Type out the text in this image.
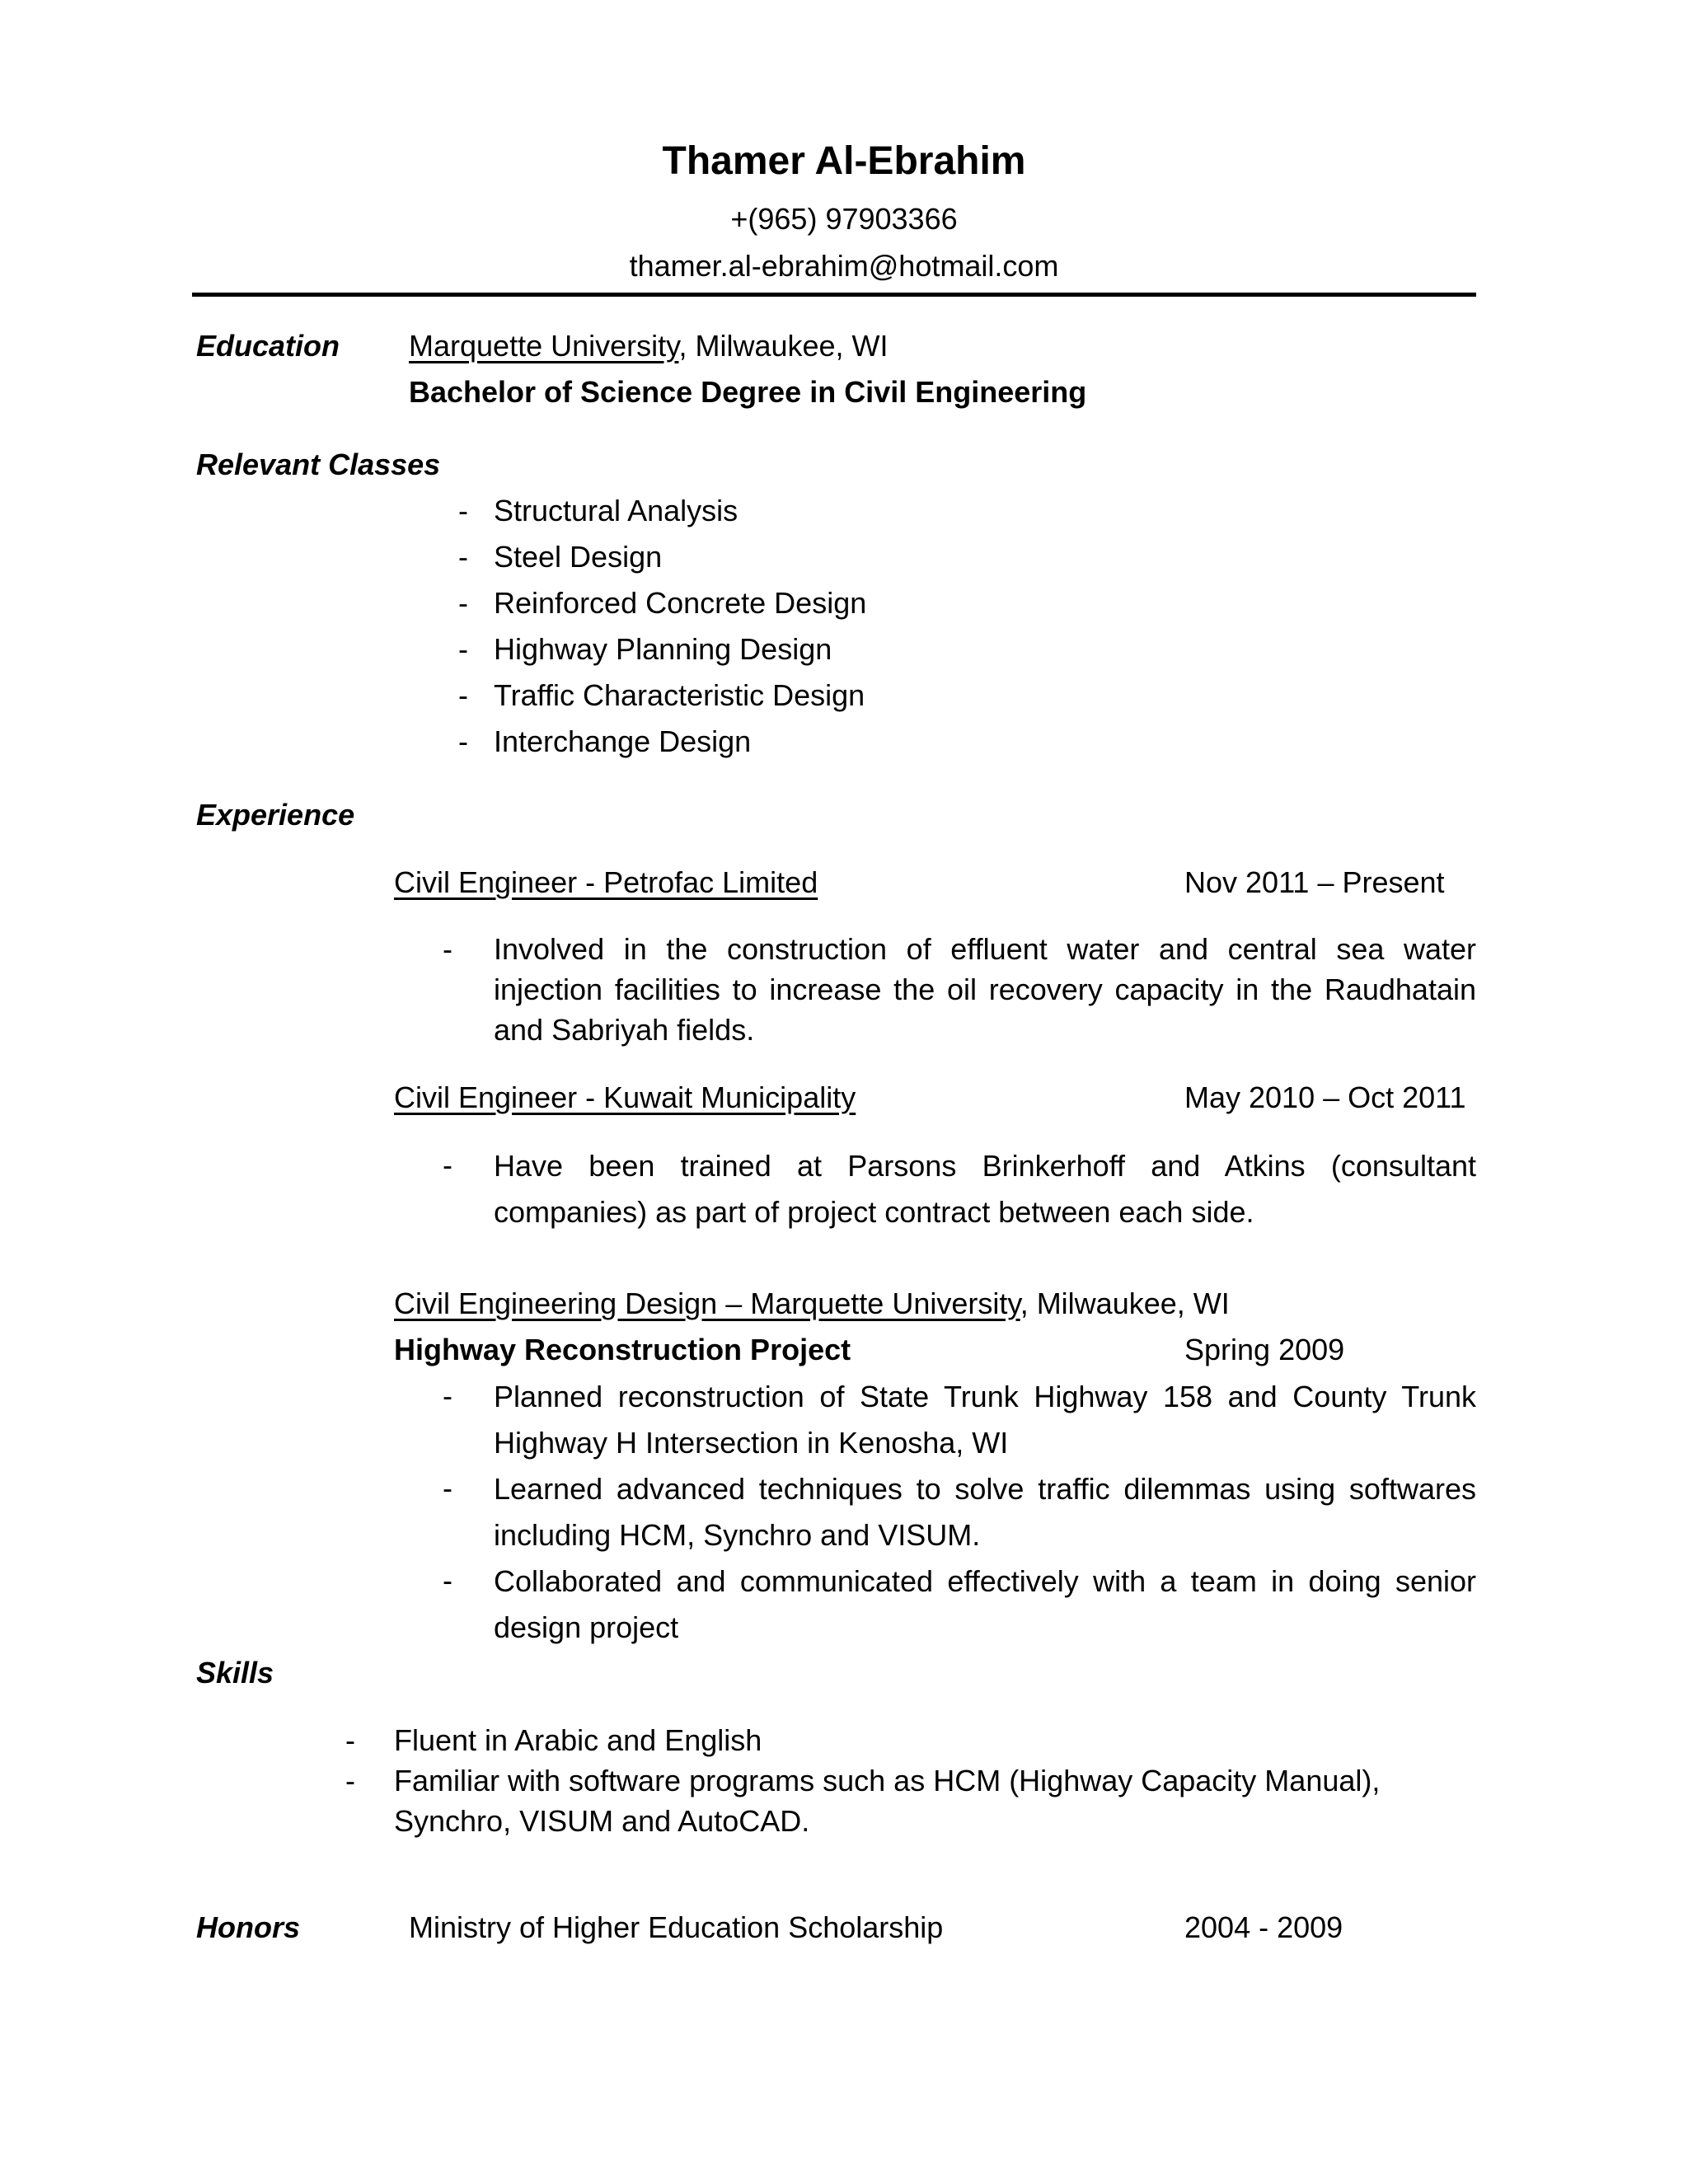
Thamer Al-Ebrahim
+(965) 97903366
thamer.al-ebrahim@hotmail.com
Education Marquette University, Milwaukee, WI
Bachelor of Science Degree in Civil Engineering
Relevant Classes
- Structural Analysis
- Steel Design
- Reinforced Concrete Design
- Highway Planning Design
- Traffic Characteristic Design
- Interchange Design
Experience
Civil Engineer - Petrofac Limited	Nov 2011 – Present
- Involved in the construction of effluent water and central sea water injection facilities to increase the oil recovery capacity in the Raudhatain and Sabriyah fields.
Civil Engineer - Kuwait Municipality	May 2010 – Oct 2011
- Have been trained at Parsons Brinkerhoff and Atkins (consultant companies) as part of project contract between each side.
Civil Engineering Design – Marquette University, Milwaukee, WI
Highway Reconstruction Project	Spring 2009
- Planned reconstruction of State Trunk Highway 158 and County Trunk Highway H Intersection in Kenosha, WI
- Learned advanced techniques to solve traffic dilemmas using softwares including HCM, Synchro and VISUM.
- Collaborated and communicated effectively with a team in doing senior design project
Skills
- Fluent in Arabic and English
- Familiar with software programs such as HCM (Highway Capacity Manual), Synchro, VISUM and AutoCAD.
Honors	Ministry of Higher Education Scholarship	2004 - 2009
